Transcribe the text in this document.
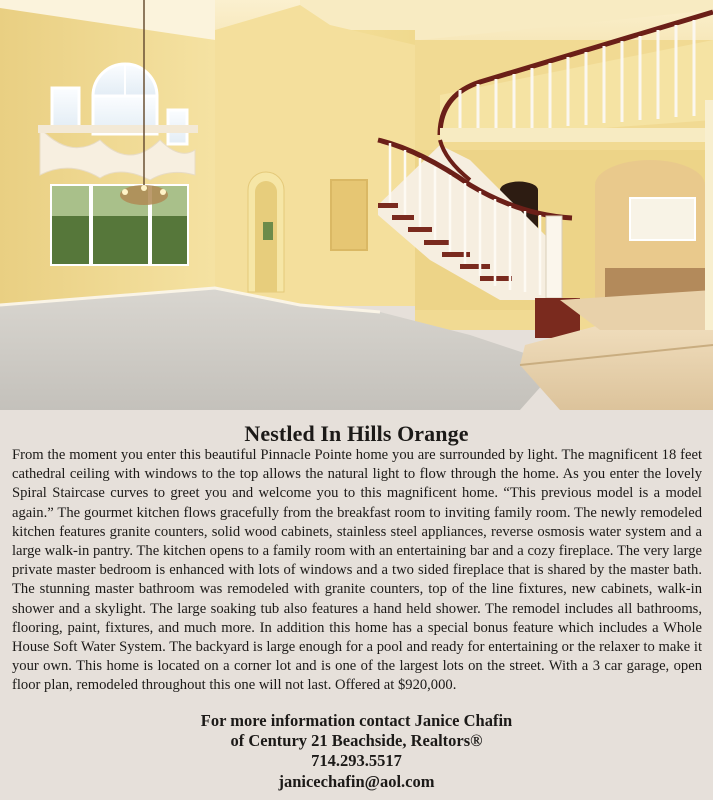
Nestled In Hills Orange
From the moment you enter this beautiful Pinnacle Pointe home you are surrounded by light. The magnificent 18 feet cathedral ceiling with windows to the top allows the natural light to flow through the home. As you enter the lovely Spiral Staircase curves to greet you and welcome you to this magnificent home. “This previous model is a model again.” The gourmet kitchen flows gracefully from the breakfast room to inviting family room. The newly remodeled kitchen features granite counters, solid wood cabinets, stainless steel appliances, reverse osmosis water system and a large walk-in pantry. The kitchen opens to a family room with an entertaining bar and a cozy fireplace. The very large private master bedroom is enhanced with lots of windows and a two sided fireplace that is shared by the master bath. The stunning master bathroom was remodeled with granite counters, top of the line fixtures, new cabinets, walk-in shower and a skylight. The large soaking tub also features a hand held shower. The remodel includes all bathrooms, flooring, paint, fixtures, and much more. In addition this home has a special bonus feature which includes a Whole House Soft Water System. The backyard is large enough for a pool and ready for entertaining or the relaxer to make it your own. This home is located on a corner lot and is one of the largest lots on the street. With a 3 car garage, open floor plan, remodeled throughout this one will not last. Offered at $920,000.
For more information contact Janice Chafin
of Century 21 Beachside, Realtors®
714.293.5517
janicechafin@aol.com
